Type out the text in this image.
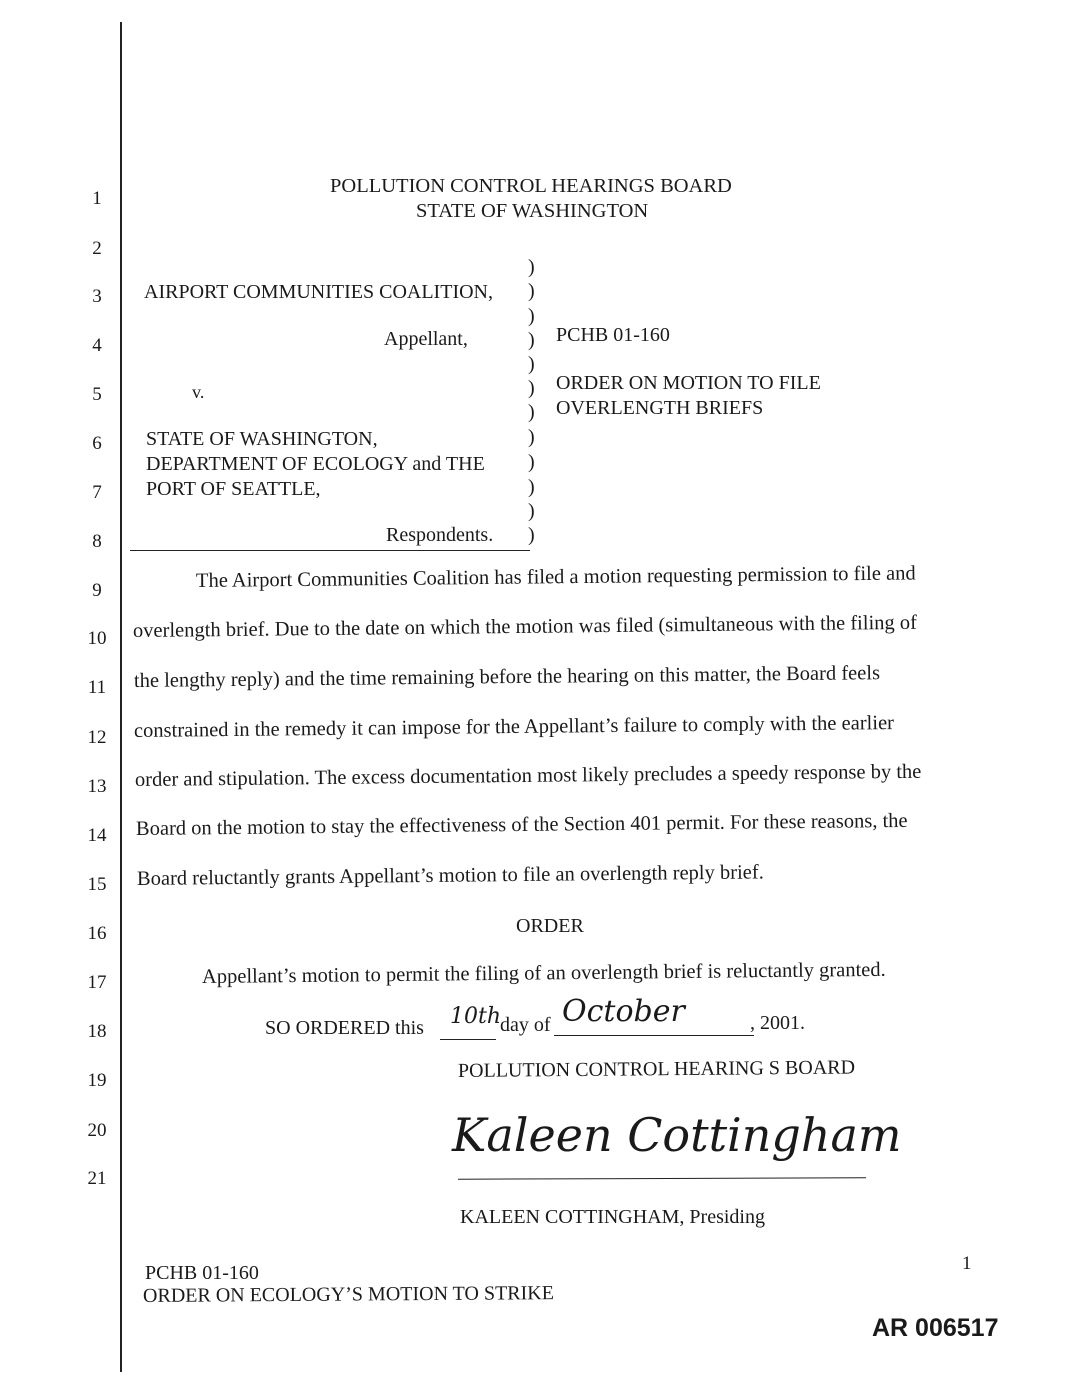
1
2
3
4
5
6
7
8
9
10
11
12
13
14
15
16
17
18
19
20
21
POLLUTION CONTROL HEARINGS BOARD
STATE OF WASHINGTON
AIRPORT COMMUNITIES COALITION,
Appellant,
v.
STATE OF WASHINGTON,
DEPARTMENT OF ECOLOGY and THE
PORT OF SEATTLE,
Respondents.
)
)
)
)
)
)
)
)
)
)
)
)
PCHB 01-160
ORDER ON MOTION TO FILE
OVERLENGTH BRIEFS
The Airport Communities Coalition has filed a motion requesting permission to file and
overlength brief. Due to the date on which the motion was filed (simultaneous with the filing of
the lengthy reply) and the time remaining before the hearing on this matter, the Board feels
constrained in the remedy it can impose for the Appellant’s failure to comply with the earlier
order and stipulation. The excess documentation most likely precludes a speedy response by the
Board on the motion to stay the effectiveness of the Section 401 permit. For these reasons, the
Board reluctantly grants Appellant’s motion to file an overlength reply brief.
ORDER
Appellant’s motion to permit the filing of an overlength brief is reluctantly granted.
SO ORDERED this 10th
day of October	, 2001.
POLLUTION CONTROL HEARING S BOARD
Kaleen Cottingham
KALEEN COTTINGHAM, Presiding
PCHB 01-160
ORDER ON ECOLOGY’S MOTION TO STRIKE
1
AR 006517
